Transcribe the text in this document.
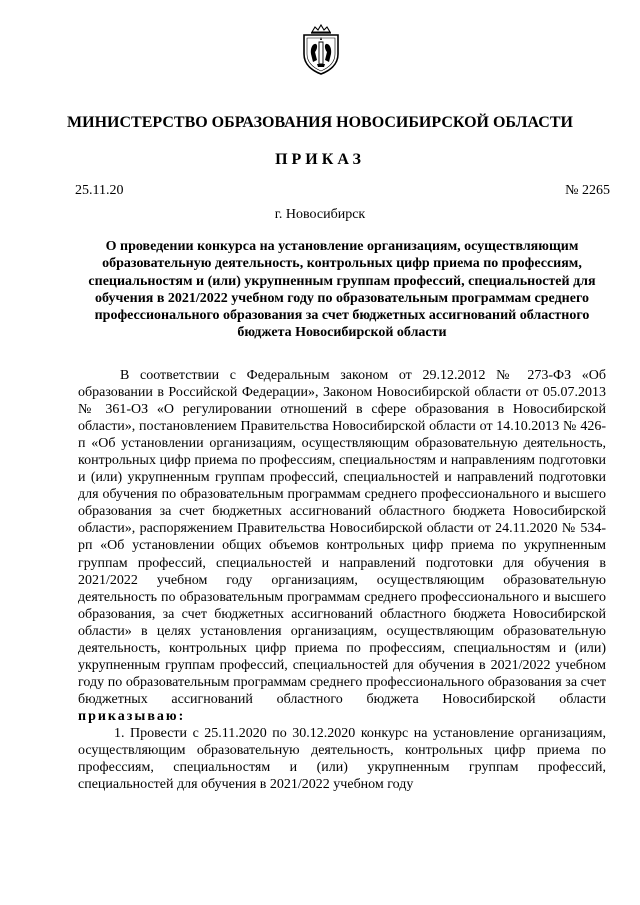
МИНИСТЕРСТВО ОБРАЗОВАНИЯ НОВОСИБИРСКОЙ ОБЛАСТИ
ПРИКАЗ
25.11.20	№ 2265
г. Новосибирск
О проведении конкурса на установление организациям, осуществляющим образовательную деятельность, контрольных цифр приема по профессиям, специальностям и (или) укрупненным группам профессий, специальностей для обучения в 2021/2022 учебном году по образовательным программам среднего профессионального образования за счет бюджетных ассигнований областного бюджета Новосибирской области

В соответствии с Федеральным законом от 29.12.2012 № 273-ФЗ «Об образовании в Российской Федерации», Законом Новосибирской области от 05.07.2013 № 361-ОЗ «О регулировании отношений в сфере образования в Новосибирской области», постановлением Правительства Новосибирской области от 14.10.2013 № 426-п «Об установлении организациям, осуществляющим образовательную деятельность, контрольных цифр приема по профессиям, специальностям и направлениям подготовки и (или) укрупненным группам профессий, специальностей и направлений подготовки для обучения по образовательным программам среднего профессионального и высшего образования за счет бюджетных ассигнований областного бюджета Новосибирской области», распоряжением Правительства Новосибирской области от 24.11.2020 № 534-рп «Об установлении общих объемов контрольных цифр приема по укрупненным группам профессий, специальностей и направлений подготовки для обучения в 2021/2022 учебном году организациям, осуществляющим образовательную деятельность по образовательным программам среднего профессионального и высшего образования, за счет бюджетных ассигнований областного бюджета Новосибирской области» в целях установления организациям, осуществляющим образовательную деятельность, контрольных цифр приема по профессиям, специальностям и (или) укрупненным группам профессий, специальностей для обучения в 2021/2022 учебном году по образовательным программам среднего профессионального образования за счет бюджетных ассигнований областного бюджета Новосибирской области приказываю:

1. Провести с 25.11.2020 по 30.12.2020 конкурс на установление организациям, осуществляющим образовательную деятельность, контрольных цифр приема по профессиям, специальностям и (или) укрупненным группам профессий, специальностей для обучения в 2021/2022 учебном году
